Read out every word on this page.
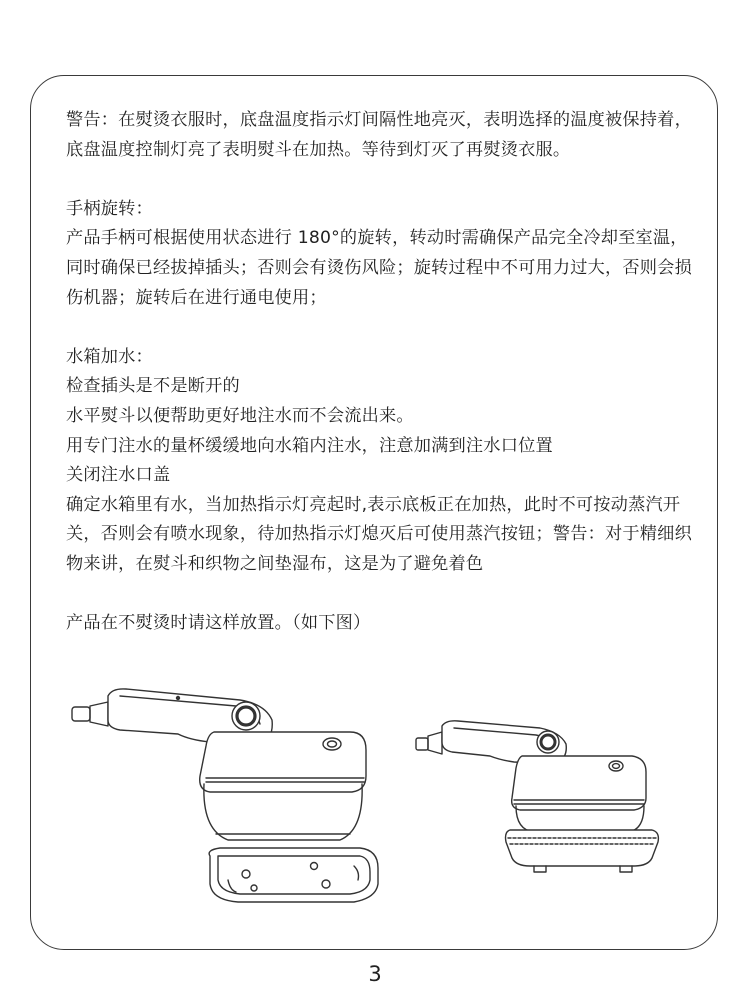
警告：在熨烫衣服时，底盘温度指示灯间隔性地亮灭，表明选择的温度被保持着，底盘温度控制灯亮了表明熨斗在加热。等待到灯灭了再熨烫衣服。

手柄旋转：

产品手柄可根据使用状态进行 180°的旋转，转动时需确保产品完全冷却至室温，同时确保已经拔掉插头；否则会有烫伤风险；旋转过程中不可用力过大，否则会损伤机器；旋转后在进行通电使用；

水箱加水：

检查插头是不是断开的

水平熨斗以便帮助更好地注水而不会流出来。

用专门注水的量杯缓缓地向水箱内注水，注意加满到注水口位置

关闭注水口盖

确定水箱里有水，当加热指示灯亮起时,表示底板正在加热，此时不可按动蒸汽开关，否则会有喷水现象，待加热指示灯熄灭后可使用蒸汽按钮；警告：对于精细织物来讲，在熨斗和织物之间垫湿布，这是为了避免着色

产品在不熨烫时请这样放置。（如下图）

3
